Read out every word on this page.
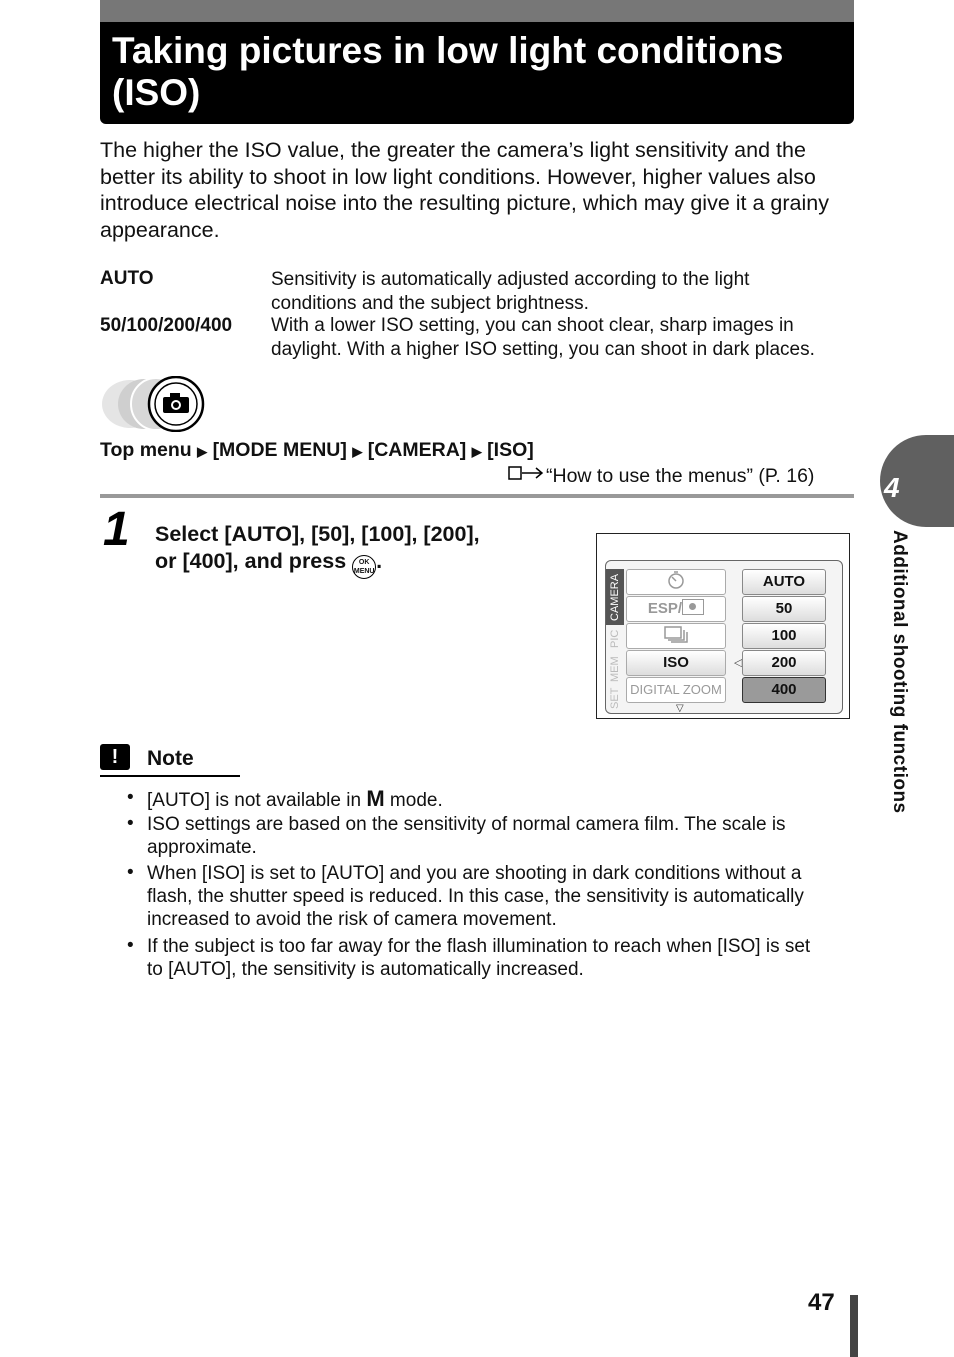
Taking pictures in low light conditions
(ISO)
The higher the ISO value, the greater the camera’s light sensitivity and the better its ability to shoot in low light conditions. However, higher values also introduce electrical noise into the resulting picture, which may give it a grainy appearance.
AUTO	Sensitivity is automatically adjusted according to the light
conditions and the subject brightness.
50/100/200/400 With a lower ISO setting, you can shoot clear, sharp images in
daylight. With a higher ISO setting, you can shoot in dark places.
Top menu ▶ [MODE MENU] ▶ [CAMERA] ▶ [ISO]
“How to use the menus” (P. 16)
1 Select [AUTO], [50], [100], [200],
or [400], and press OK
MENU.
CAMERA
PIC
MEM
SET
ESP/
ISO
DIGITAL ZOOM
◁
AUTO
50
100
200
400
▽
!	Note
• [AUTO] is not available in M mode.
• ISO settings are based on the sensitivity of normal camera film. The scale is
approximate.
• When [ISO] is set to [AUTO] and you are shooting in dark conditions without a
flash, the shutter speed is reduced. In this case, the sensitivity is automatically
increased to avoid the risk of camera movement.
• If the subject is too far away for the flash illumination to reach when [ISO] is set
to [AUTO], the sensitivity is automatically increased.
4
Additional shooting functions
47
